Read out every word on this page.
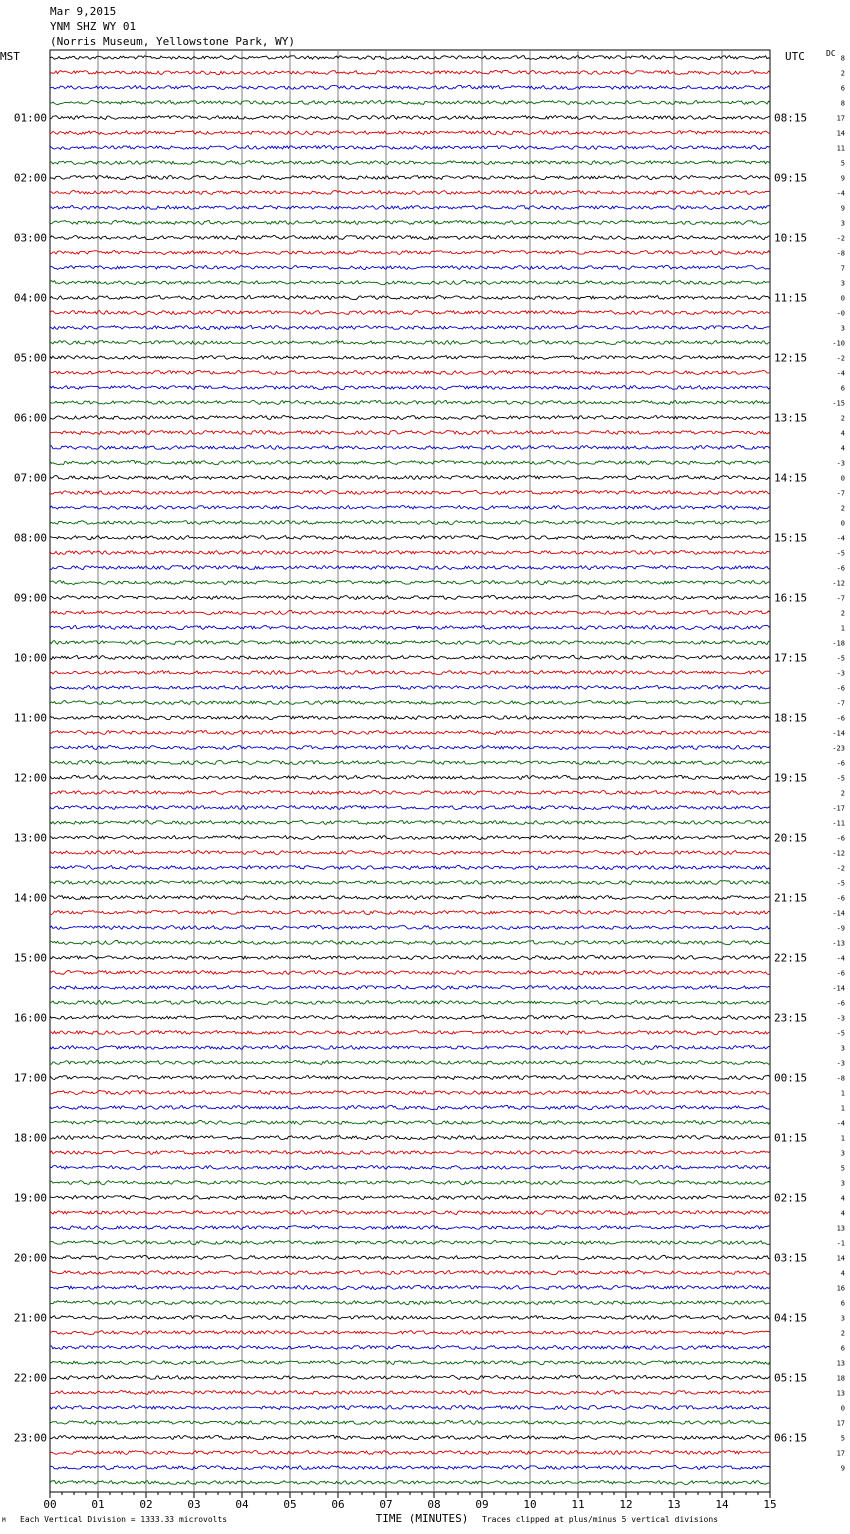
Mar 9,2015
YNM SHZ WY 01
(Norris Museum, Yellowstone Park, WY)
MST	UTC	DC
01:00
02:00
03:00
04:00
05:00
06:00
07:00
08:00
09:00
10:00
11:00
12:00
13:00
14:00
15:00
16:00
17:00
18:00
19:00
20:00
21:00
22:00
23:00
08:15
09:15
10:15
11:15
12:15
13:15
14:15
15:15
16:15
17:15
18:15
19:15
20:15
21:15
22:15
23:15
00:15
01:15
02:15
03:15
04:15
05:15
06:15
8
2
6
8
17
14
11
5
9
-4
9
3
-2
-8
7
3
0
-0
3
-10
-2
-4
6
-15
2
4
4
-3
0
-7
2
0
-4
-5
-6
-12
-7
2
1
-18
-5
-3
-6
-7
-6
-14
-23
-6
-5
2
-17
-11
-6
-12
-2
-5
-6
-14
-9
-13
-4
-6
-14
-6
-3
-5
3
-3
-8
1
1
-4
1
3
5
3
4
4
13
-1
14
4
16
6
3
2
6
13
18
13
0
17
5
17
9
00	01	02	03	04	05	06	07	08	09	10	11	12	13	14	15
TIME (MINUTES)
Each Vertical Division = 1333.33 microvolts	Traces clipped at plus/minus 5 vertical divisions
M
